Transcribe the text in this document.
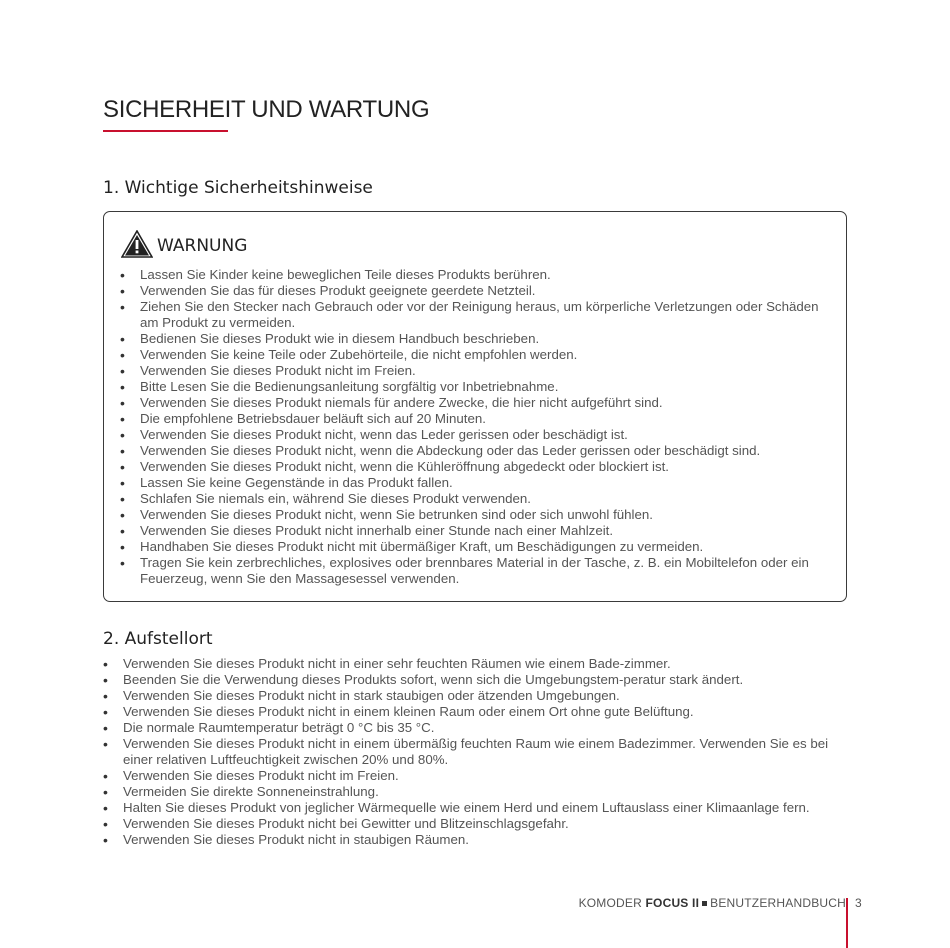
SICHERHEIT UND WARTUNG
1. Wichtige Sicherheitshinweise
WARNUNG
• Lassen Sie Kinder keine beweglichen Teile dieses Produkts berühren.
• Verwenden Sie das für dieses Produkt geeignete geerdete Netzteil.
• Ziehen Sie den Stecker nach Gebrauch oder vor der Reinigung heraus, um körperliche Verletzungen oder Schäden am Produkt zu vermeiden.
• Bedienen Sie dieses Produkt wie in diesem Handbuch beschrieben.
• Verwenden Sie keine Teile oder Zubehörteile, die nicht empfohlen werden.
• Verwenden Sie dieses Produkt nicht im Freien.
• Bitte Lesen Sie die Bedienungsanleitung sorgfältig vor Inbetriebnahme.
• Verwenden Sie dieses Produkt niemals für andere Zwecke, die hier nicht aufgeführt sind.
• Die empfohlene Betriebsdauer beläuft sich auf 20 Minuten.
• Verwenden Sie dieses Produkt nicht, wenn das Leder gerissen oder beschädigt ist.
• Verwenden Sie dieses Produkt nicht, wenn die Abdeckung oder das Leder gerissen oder beschädigt sind.
• Verwenden Sie dieses Produkt nicht, wenn die Kühleröffnung abgedeckt oder blockiert ist.
• Lassen Sie keine Gegenstände in das Produkt fallen.
• Schlafen Sie niemals ein, während Sie dieses Produkt verwenden.
• Verwenden Sie dieses Produkt nicht, wenn Sie betrunken sind oder sich unwohl fühlen.
• Verwenden Sie dieses Produkt nicht innerhalb einer Stunde nach einer Mahlzeit.
• Handhaben Sie dieses Produkt nicht mit übermäßiger Kraft, um Beschädigungen zu vermeiden.
• Tragen Sie kein zerbrechliches, explosives oder brennbares Material in der Tasche, z. B. ein Mobiltelefon oder ein Feuerzeug, wenn Sie den Massagesessel verwenden.
2. Aufstellort
• Verwenden Sie dieses Produkt nicht in einer sehr feuchten Räumen wie einem Bade-zimmer.
• Beenden Sie die Verwendung dieses Produkts sofort, wenn sich die Umgebungstem-peratur stark ändert.
• Verwenden Sie dieses Produkt nicht in stark staubigen oder ätzenden Umgebungen.
• Verwenden Sie dieses Produkt nicht in einem kleinen Raum oder einem Ort ohne gute Belüftung.
• Die normale Raumtemperatur beträgt 0 °C bis 35 °C.
• Verwenden Sie dieses Produkt nicht in einem übermäßig feuchten Raum wie einem Badezimmer. Verwenden Sie es bei einer relativen Luftfeuchtigkeit zwischen 20% und 80%.
• Verwenden Sie dieses Produkt nicht im Freien.
• Vermeiden Sie direkte Sonneneinstrahlung.
• Halten Sie dieses Produkt von jeglicher Wärmequelle wie einem Herd und einem Luftauslass einer Klimaanlage fern.
• Verwenden Sie dieses Produkt nicht bei Gewitter und Blitzeinschlagsgefahr.
• Verwenden Sie dieses Produkt nicht in staubigen Räumen.
KOMODER FOCUS II BENUTZERHANDBUCH 3
